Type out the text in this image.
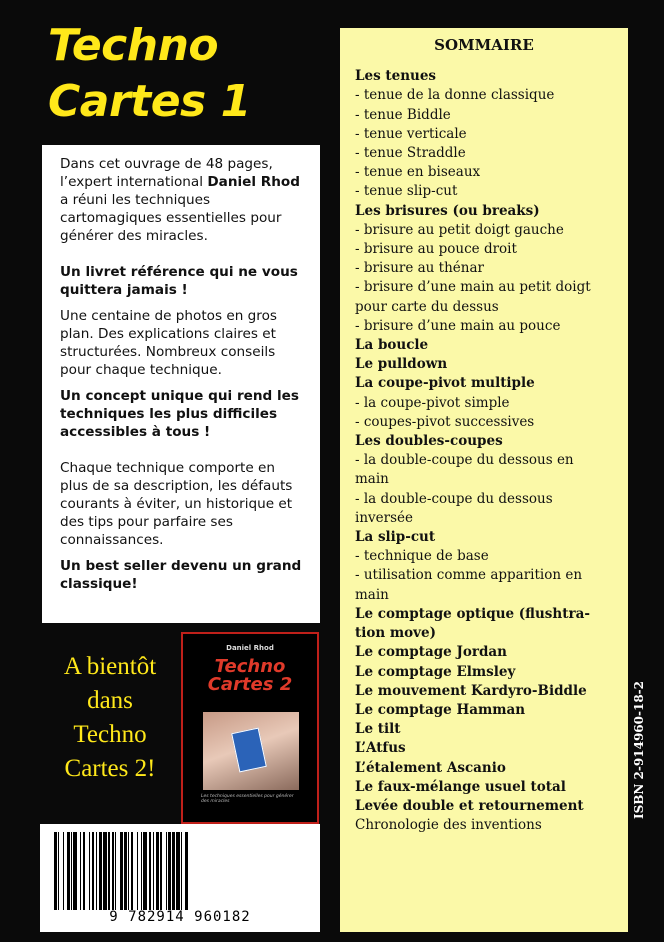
Techno
Cartes 1

Dans cet ouvrage de 48 pages, l’expert international Daniel Rhod a réuni les techniques cartomagiques essentielles pour générer des miracles.

Un livret référence qui ne vous quittera jamais !

Une centaine de photos en gros plan. Des explications claires et structurées. Nombreux conseils pour chaque technique.

Un concept unique qui rend les techniques les plus difficiles accessibles à tous !

Chaque technique comporte en plus de sa description, les défauts courants à éviter, un historique et des tips pour parfaire ses connaissances.

Un best seller devenu un grand classique!

A bientôt
dans
Techno
Cartes 2!
Daniel Rhod
Techno
Cartes 2
Les techniques essentielles pour générer des miracles
9 782914 960182
SOMMAIRE
Les tenues
- tenue de la donne classique
- tenue Biddle
- tenue verticale
- tenue Straddle
- tenue en biseaux
- tenue slip-cut
Les brisures (ou breaks)
- brisure au petit doigt gauche
- brisure au pouce droit
- brisure au thénar
- brisure d’une main au petit doigt
pour carte du dessus
- brisure d’une main au pouce
La boucle
Le pulldown
La coupe-pivot multiple
- la coupe-pivot simple
- coupes-pivot successives
Les doubles-coupes
- la double-coupe du dessous en
main
- la double-coupe du dessous
inversée
La slip-cut
- technique de base
- utilisation comme apparition en
main
Le comptage optique (flushtra-
tion move)
Le comptage Jordan
Le comptage Elmsley
Le mouvement Kardyro-Biddle
Le comptage Hamman
Le tilt
L’Atfus
L’étalement Ascanio
Le faux-mélange usuel total
Levée double et retournement
Chronologie des inventions
ISBN 2-914960-18-2
